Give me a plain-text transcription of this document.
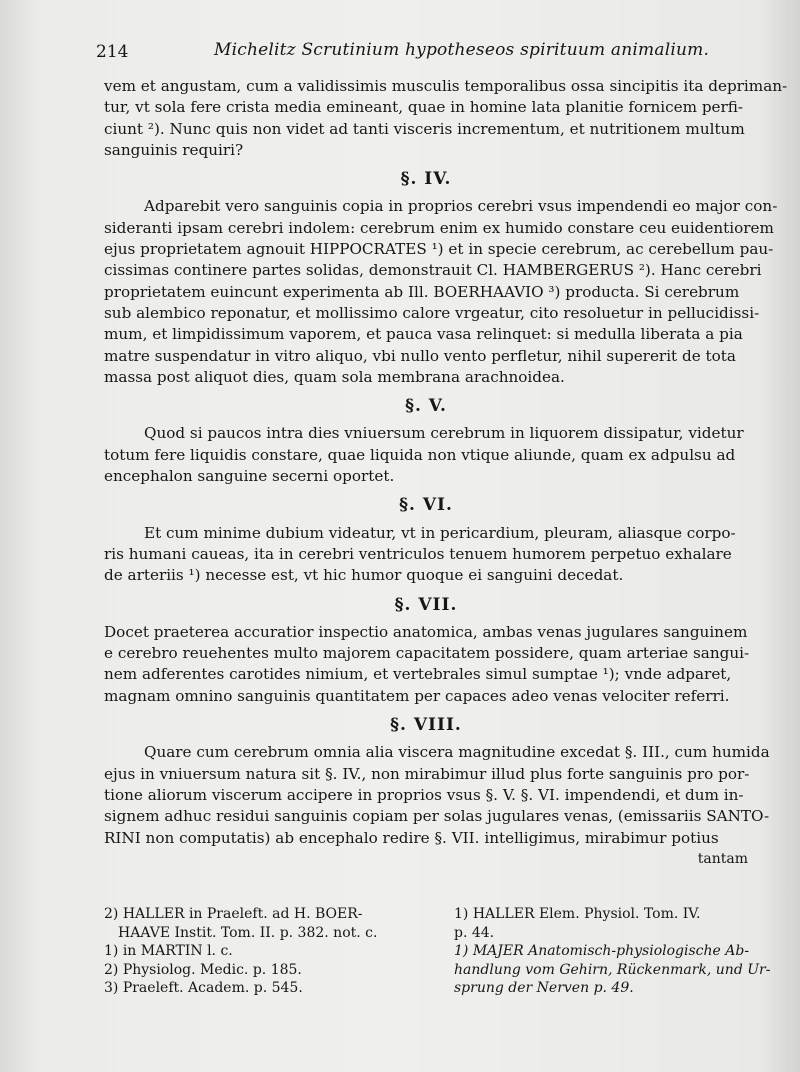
214	Michelitz Scrutinium hypotheseos spirituum animalium.

vem et angustam, cum a validissimis musculis temporalibus ossa sincipitis ita depriman-
tur, vt sola fere crista media emineant, quae in homine lata planitie fornicem perfi-
ciunt ²). Nunc quis non videt ad tanti visceris incrementum, et nutritionem multum
sanguinis requiri?

§. IV.

Adparebit vero sanguinis copia in proprios cerebri vsus impendendi eo major con-
sideranti ipsam cerebri indolem: cerebrum enim ex humido constare ceu euidentiorem
ejus proprietatem agnouit HIPPOCRATES ¹) et in specie cerebrum, ac cerebellum pau-
cissimas continere partes solidas, demonstrauit Cl. HAMBERGERUS ²). Hanc cerebri
proprietatem euincunt experimenta ab Ill. BOERHAAVIO ³) producta. Si cerebrum
sub alembico reponatur, et mollissimo calore vrgeatur, cito resoluetur in pellucidissi-
mum, et limpidissimum vaporem, et pauca vasa relinquet: si medulla liberata a pia
matre suspendatur in vitro aliquo, vbi nullo vento perfletur, nihil supererit de tota
massa post aliquot dies, quam sola membrana arachnoidea.

§. V.

Quod si paucos intra dies vniuersum cerebrum in liquorem dissipatur, videtur
totum fere liquidis constare, quae liquida non vtique aliunde, quam ex adpulsu ad
encephalon sanguine secerni oportet.

§. VI.

Et cum minime dubium videatur, vt in pericardium, pleuram, aliasque corpo-
ris humani caueas, ita in cerebri ventriculos tenuem humorem perpetuo exhalare
de arteriis ¹) necesse est, vt hic humor quoque ei sanguini decedat.

§. VII.

Docet praeterea accuratior inspectio anatomica, ambas venas jugulares sanguinem
e cerebro reuehentes multo majorem capacitatem possidere, quam arteriae sangui-
nem adferentes carotides nimium, et vertebrales simul sumptae ¹); vnde adparet,
magnam omnino sanguinis quantitatem per capaces adeo venas velociter referri.

§. VIII.

Quare cum cerebrum omnia alia viscera magnitudine excedat §. III., cum humida
ejus in vniuersum natura sit §. IV., non mirabimur illud plus forte sanguinis pro por-
tione aliorum viscerum accipere in proprios vsus §. V. §. VI. impendendi, et dum in-
signem adhuc residui sanguinis copiam per solas jugulares venas, (emissariis SANTO-
RINI non computatis) ab encephalo redire §. VII. intelligimus, mirabimur potius

tantam
2) HALLER in Praeleft. ad H. BOER-
HAAVE Instit. Tom. II. p. 382. not. c.
1) in MARTIN l. c.
2) Physiolog. Medic. p. 185.
3) Praeleft. Academ. p. 545.
1) HALLER Elem. Physiol. Tom. IV.
p. 44.
1) MAJER Anatomisch-physiologische Ab-
handlung vom Gehirn, Rückenmark, und Ur-
sprung der Nerven p. 49.
